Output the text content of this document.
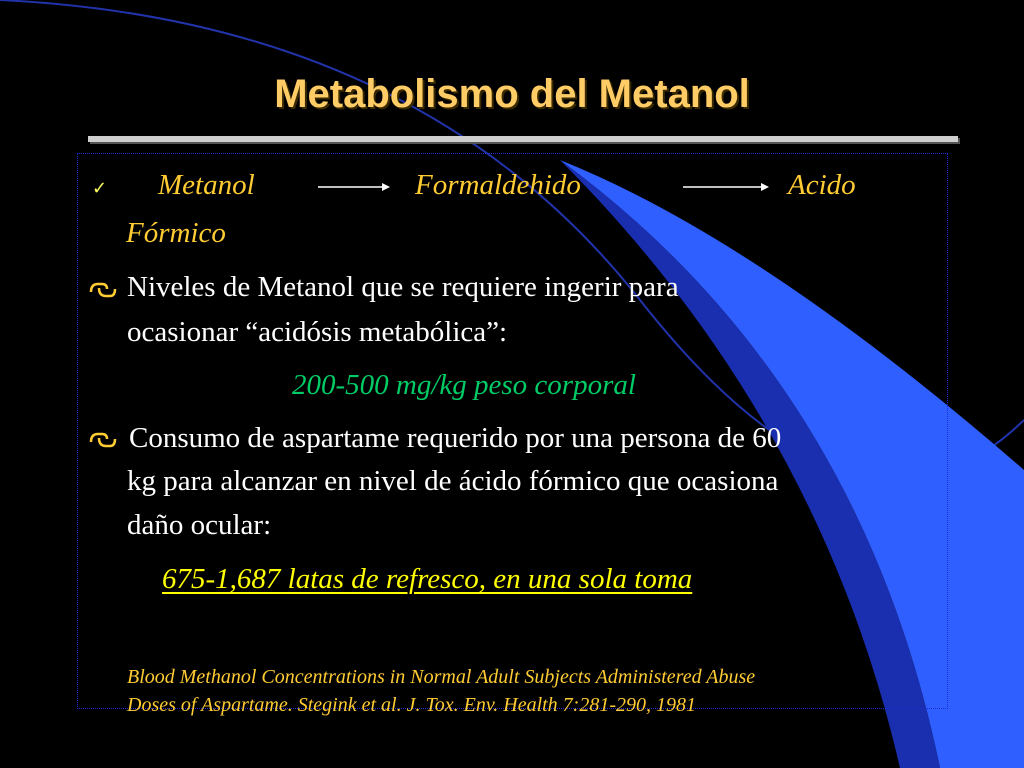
Metabolismo del Metanol
✓ Metanol	Formaldehido	Acido
Fórmico
Niveles de Metanol que se requiere ingerir para
ocasionar “acidósis metabólica”:
200-500 mg/kg peso corporal
Consumo de aspartame requerido por una persona de 60
kg para alcanzar en nivel de ácido fórmico que ocasiona
daño ocular:
675-1,687 latas de refresco, en una sola toma
Blood Methanol Concentrations in Normal Adult Subjects Administered Abuse
Doses of Aspartame. Stegink et al. J. Tox. Env. Health 7:281-290, 1981
